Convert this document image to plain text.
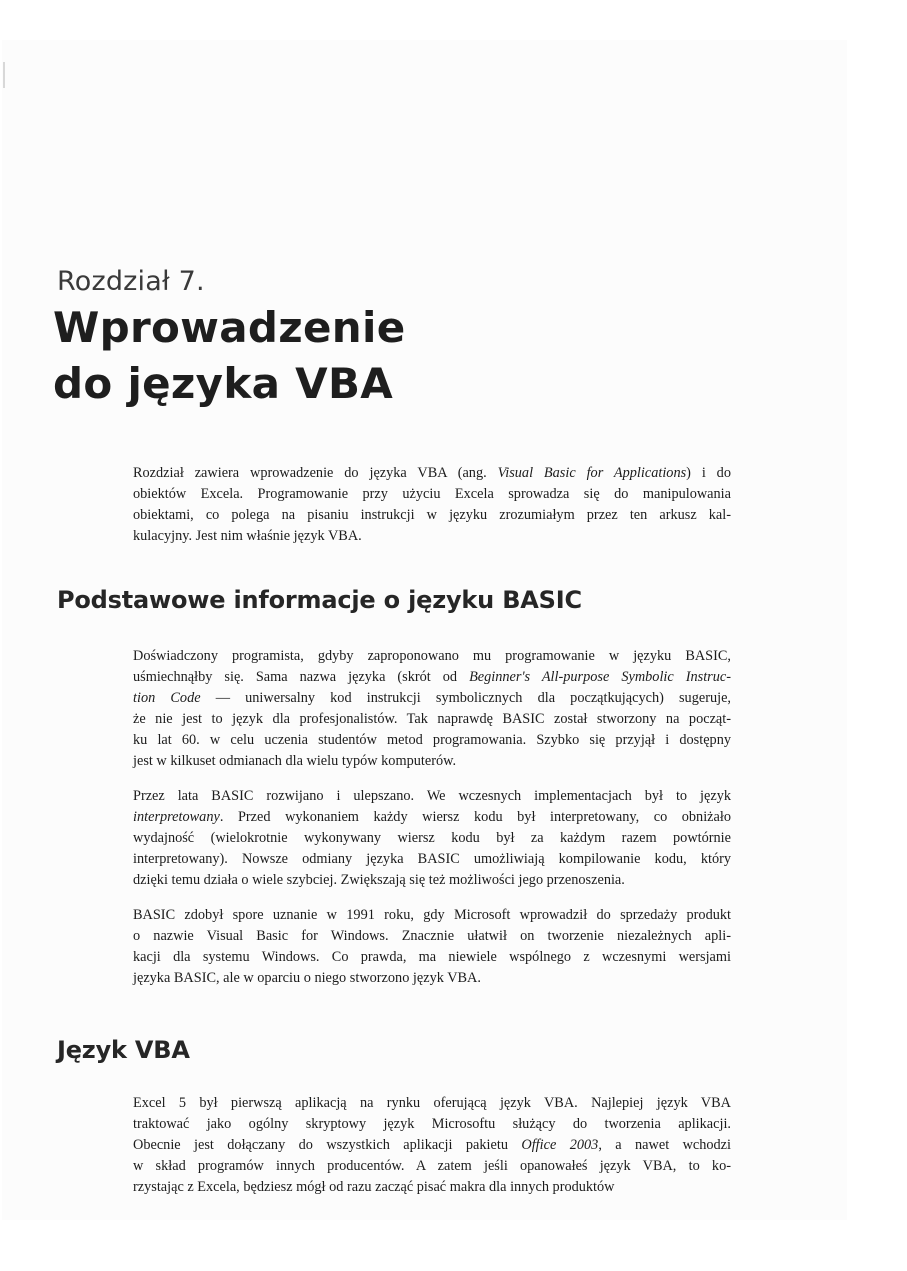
Rozdział 7.
Wprowadzenie
do języka VBA
Rozdział zawiera wprowadzenie do języka VBA (ang. Visual Basic for Applications) i do
obiektów Excela. Programowanie przy użyciu Excela sprowadza się do manipulowania
obiektami, co polega na pisaniu instrukcji w języku zrozumiałym przez ten arkusz kal-
kulacyjny. Jest nim właśnie język VBA.
Podstawowe informacje o języku BASIC
Doświadczony programista, gdyby zaproponowano mu programowanie w języku BASIC,
uśmiechnąłby się. Sama nazwa języka (skrót od Beginner's All-purpose Symbolic Instruc-
tion Code — uniwersalny kod instrukcji symbolicznych dla początkujących) sugeruje,
że nie jest to język dla profesjonalistów. Tak naprawdę BASIC został stworzony na począt-
ku lat 60. w celu uczenia studentów metod programowania. Szybko się przyjął i dostępny
jest w kilkuset odmianach dla wielu typów komputerów.
Przez lata BASIC rozwijano i ulepszano. We wczesnych implementacjach był to język
interpretowany. Przed wykonaniem każdy wiersz kodu był interpretowany, co obniżało
wydajność (wielokrotnie wykonywany wiersz kodu był za każdym razem powtórnie
interpretowany). Nowsze odmiany języka BASIC umożliwiają kompilowanie kodu, który
dzięki temu działa o wiele szybciej. Zwiększają się też możliwości jego przenoszenia.
BASIC zdobył spore uznanie w 1991 roku, gdy Microsoft wprowadził do sprzedaży produkt
o nazwie Visual Basic for Windows. Znacznie ułatwił on tworzenie niezależnych apli-
kacji dla systemu Windows. Co prawda, ma niewiele wspólnego z wczesnymi wersjami
języka BASIC, ale w oparciu o niego stworzono język VBA.
Język VBA
Excel 5 był pierwszą aplikacją na rynku oferującą język VBA. Najlepiej język VBA
traktować jako ogólny skryptowy język Microsoftu służący do tworzenia aplikacji.
Obecnie jest dołączany do wszystkich aplikacji pakietu Office 2003, a nawet wchodzi
w skład programów innych producentów. A zatem jeśli opanowałeś język VBA, to ko-
rzystając z Excela, będziesz mógł od razu zacząć pisać makra dla innych produktów
